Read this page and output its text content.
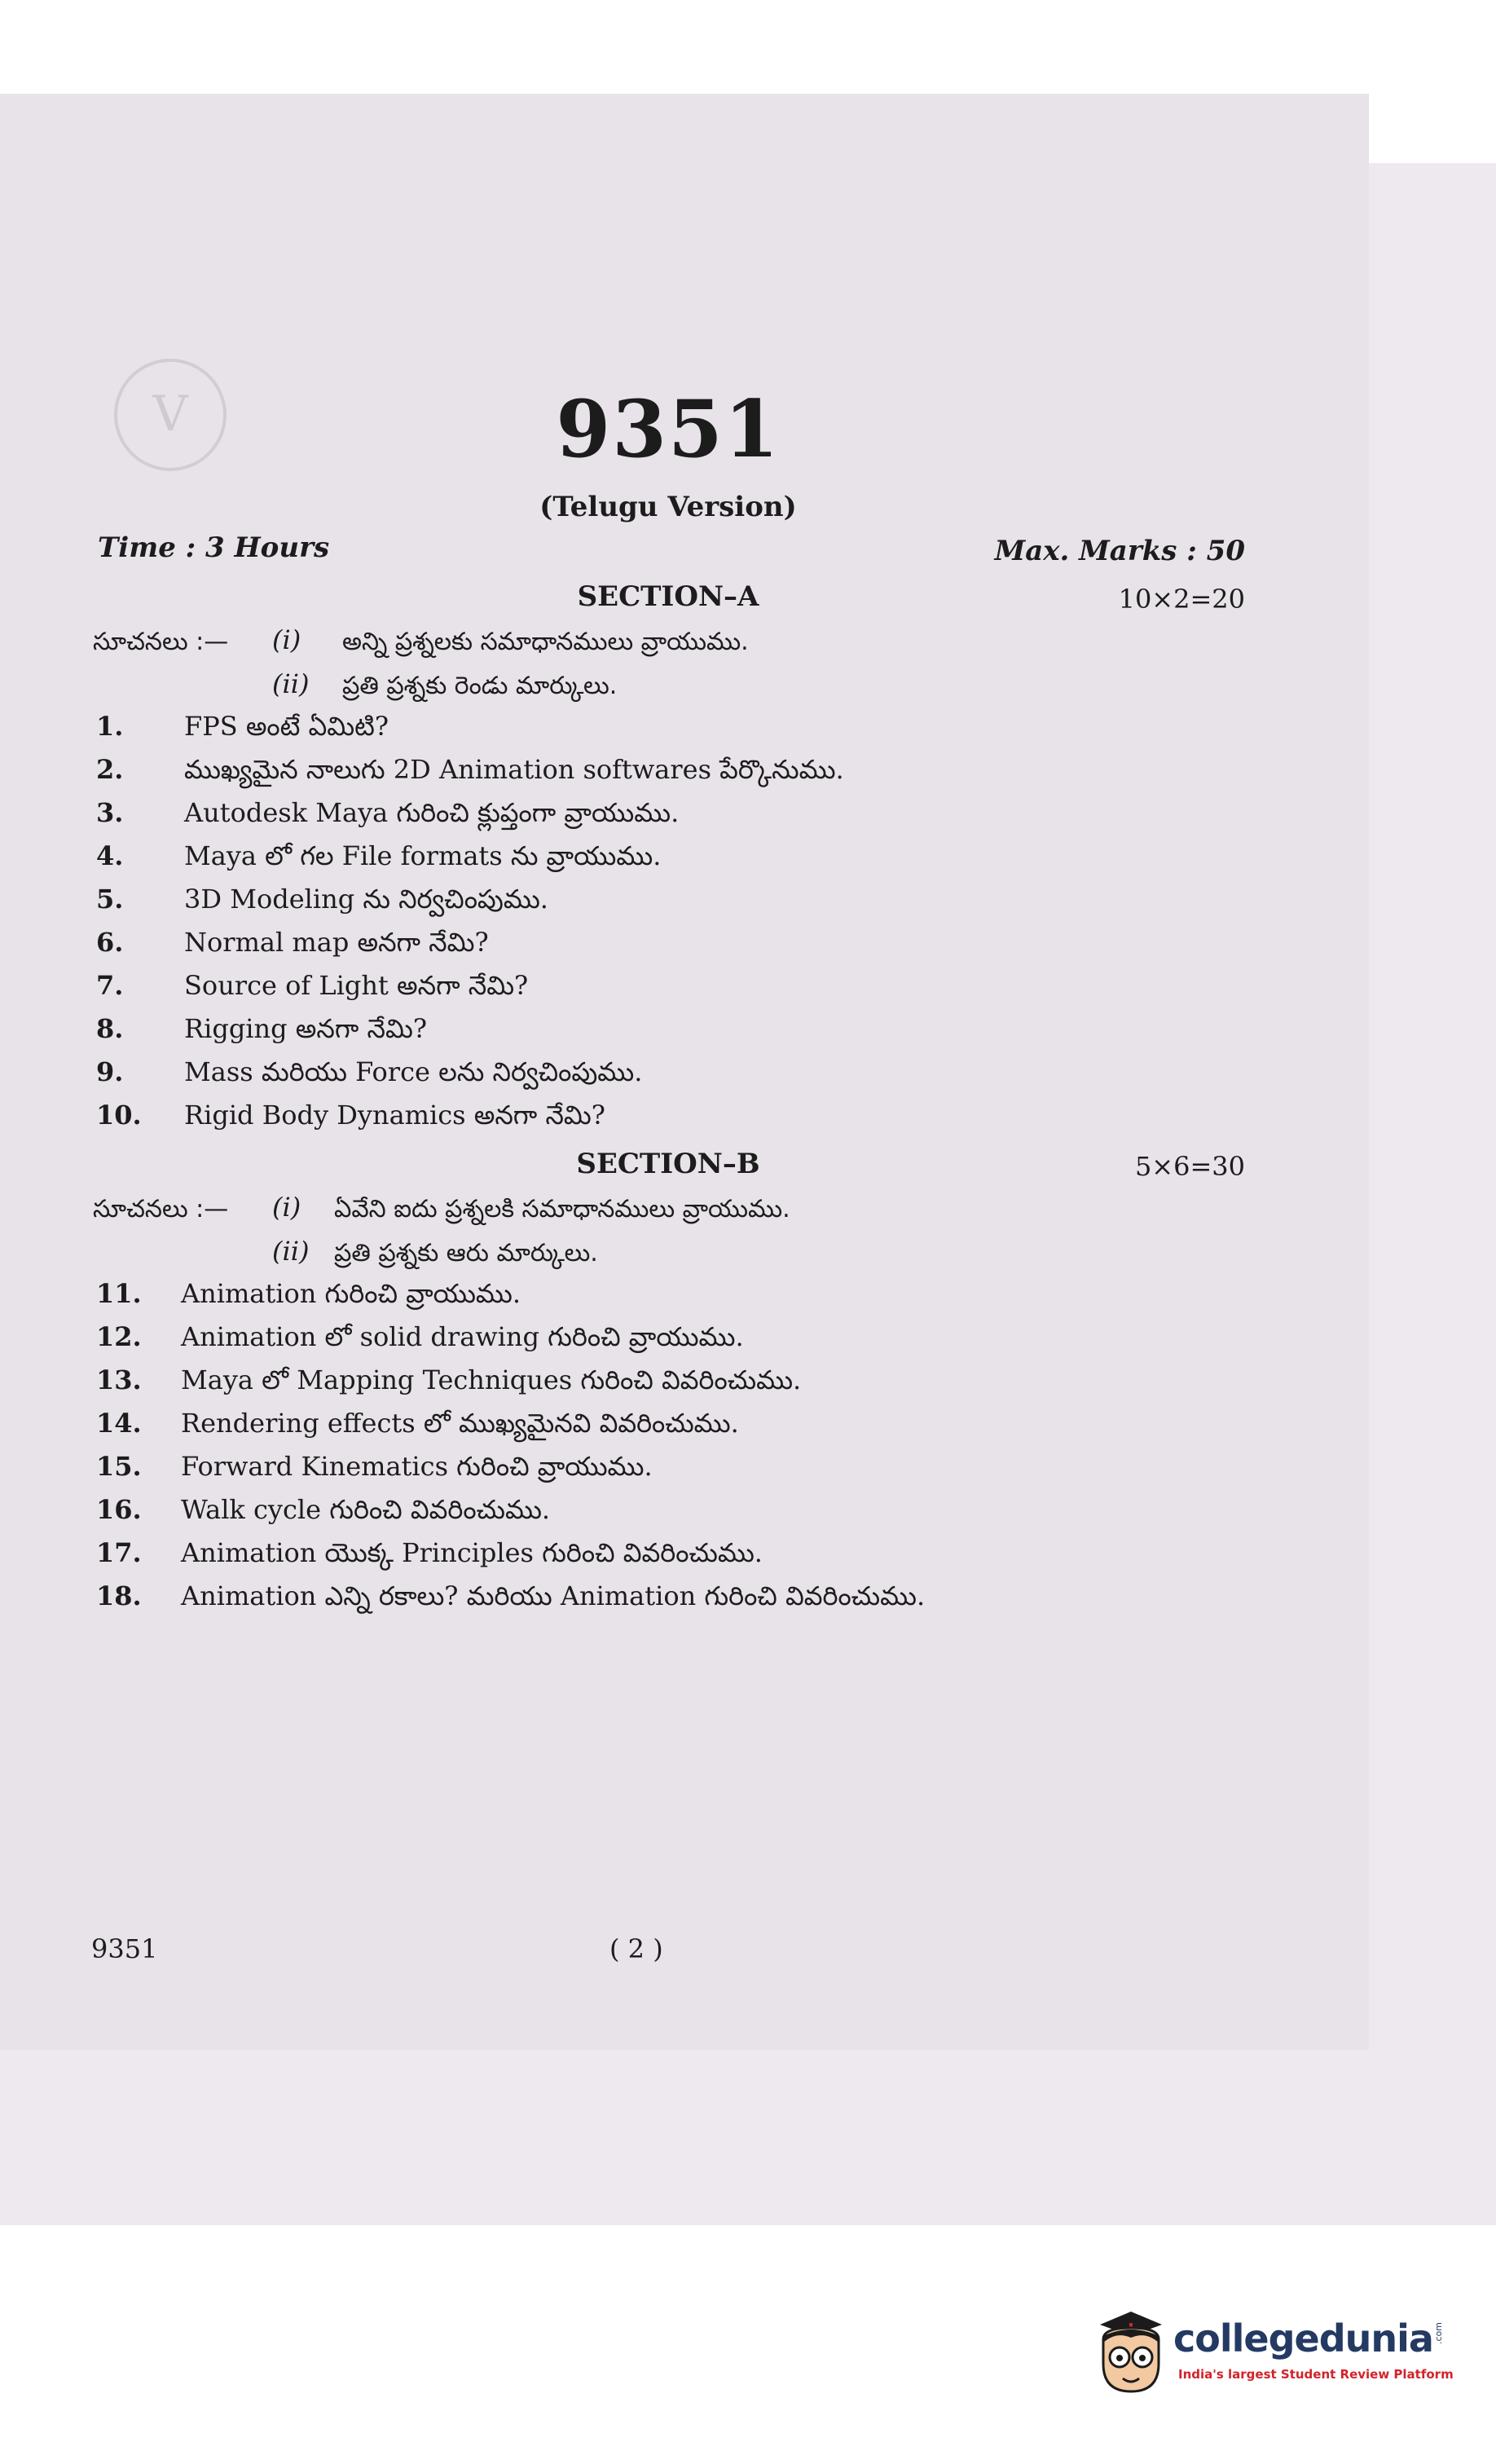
V	9351
(Telugu Version)
Time : 3 Hours	Max. Marks : 50
SECTION–A	10×2=20
సూచనలు :— (i) అన్ని ప్రశ్నలకు సమాధానములు వ్రాయుము.
(ii) ప్రతి ప్రశ్నకు రెండు మార్కులు.
1. FPS అంటే ఏమిటి?
2. ముఖ్యమైన నాలుగు 2D Animation softwares పేర్కొనుము.
3. Autodesk Maya గురించి క్లుప్తంగా వ్రాయుము.
4. Maya లో గల File formats ను వ్రాయుము.
5. 3D Modeling ను నిర్వచింపుము.
6. Normal map అనగా నేమి?
7. Source of Light అనగా నేమి?
8. Rigging అనగా నేమి?
9. Mass మరియు Force లను నిర్వచింపుము.
10. Rigid Body Dynamics అనగా నేమి?
SECTION–B	5×6=30
సూచనలు :— (i) ఏవేని ఐదు ప్రశ్నలకి సమాధానములు వ్రాయుము.
(ii) ప్రతి ప్రశ్నకు ఆరు మార్కులు.
11. Animation గురించి వ్రాయుము.
12. Animation లో solid drawing గురించి వ్రాయుము.
13. Maya లో Mapping Techniques గురించి వివరించుము.
14. Rendering effects లో ముఖ్యమైనవి వివరించుము.
15. Forward Kinematics గురించి వ్రాయుము.
16. Walk cycle గురించి వివరించుము.
17. Animation యొక్క Principles గురించి వివరించుము.
18. Animation ఎన్ని రకాలు? మరియు Animation గురించి వివరించుము.
9351	( 2 )
collegedunia .com
India's largest Student Review Platform
